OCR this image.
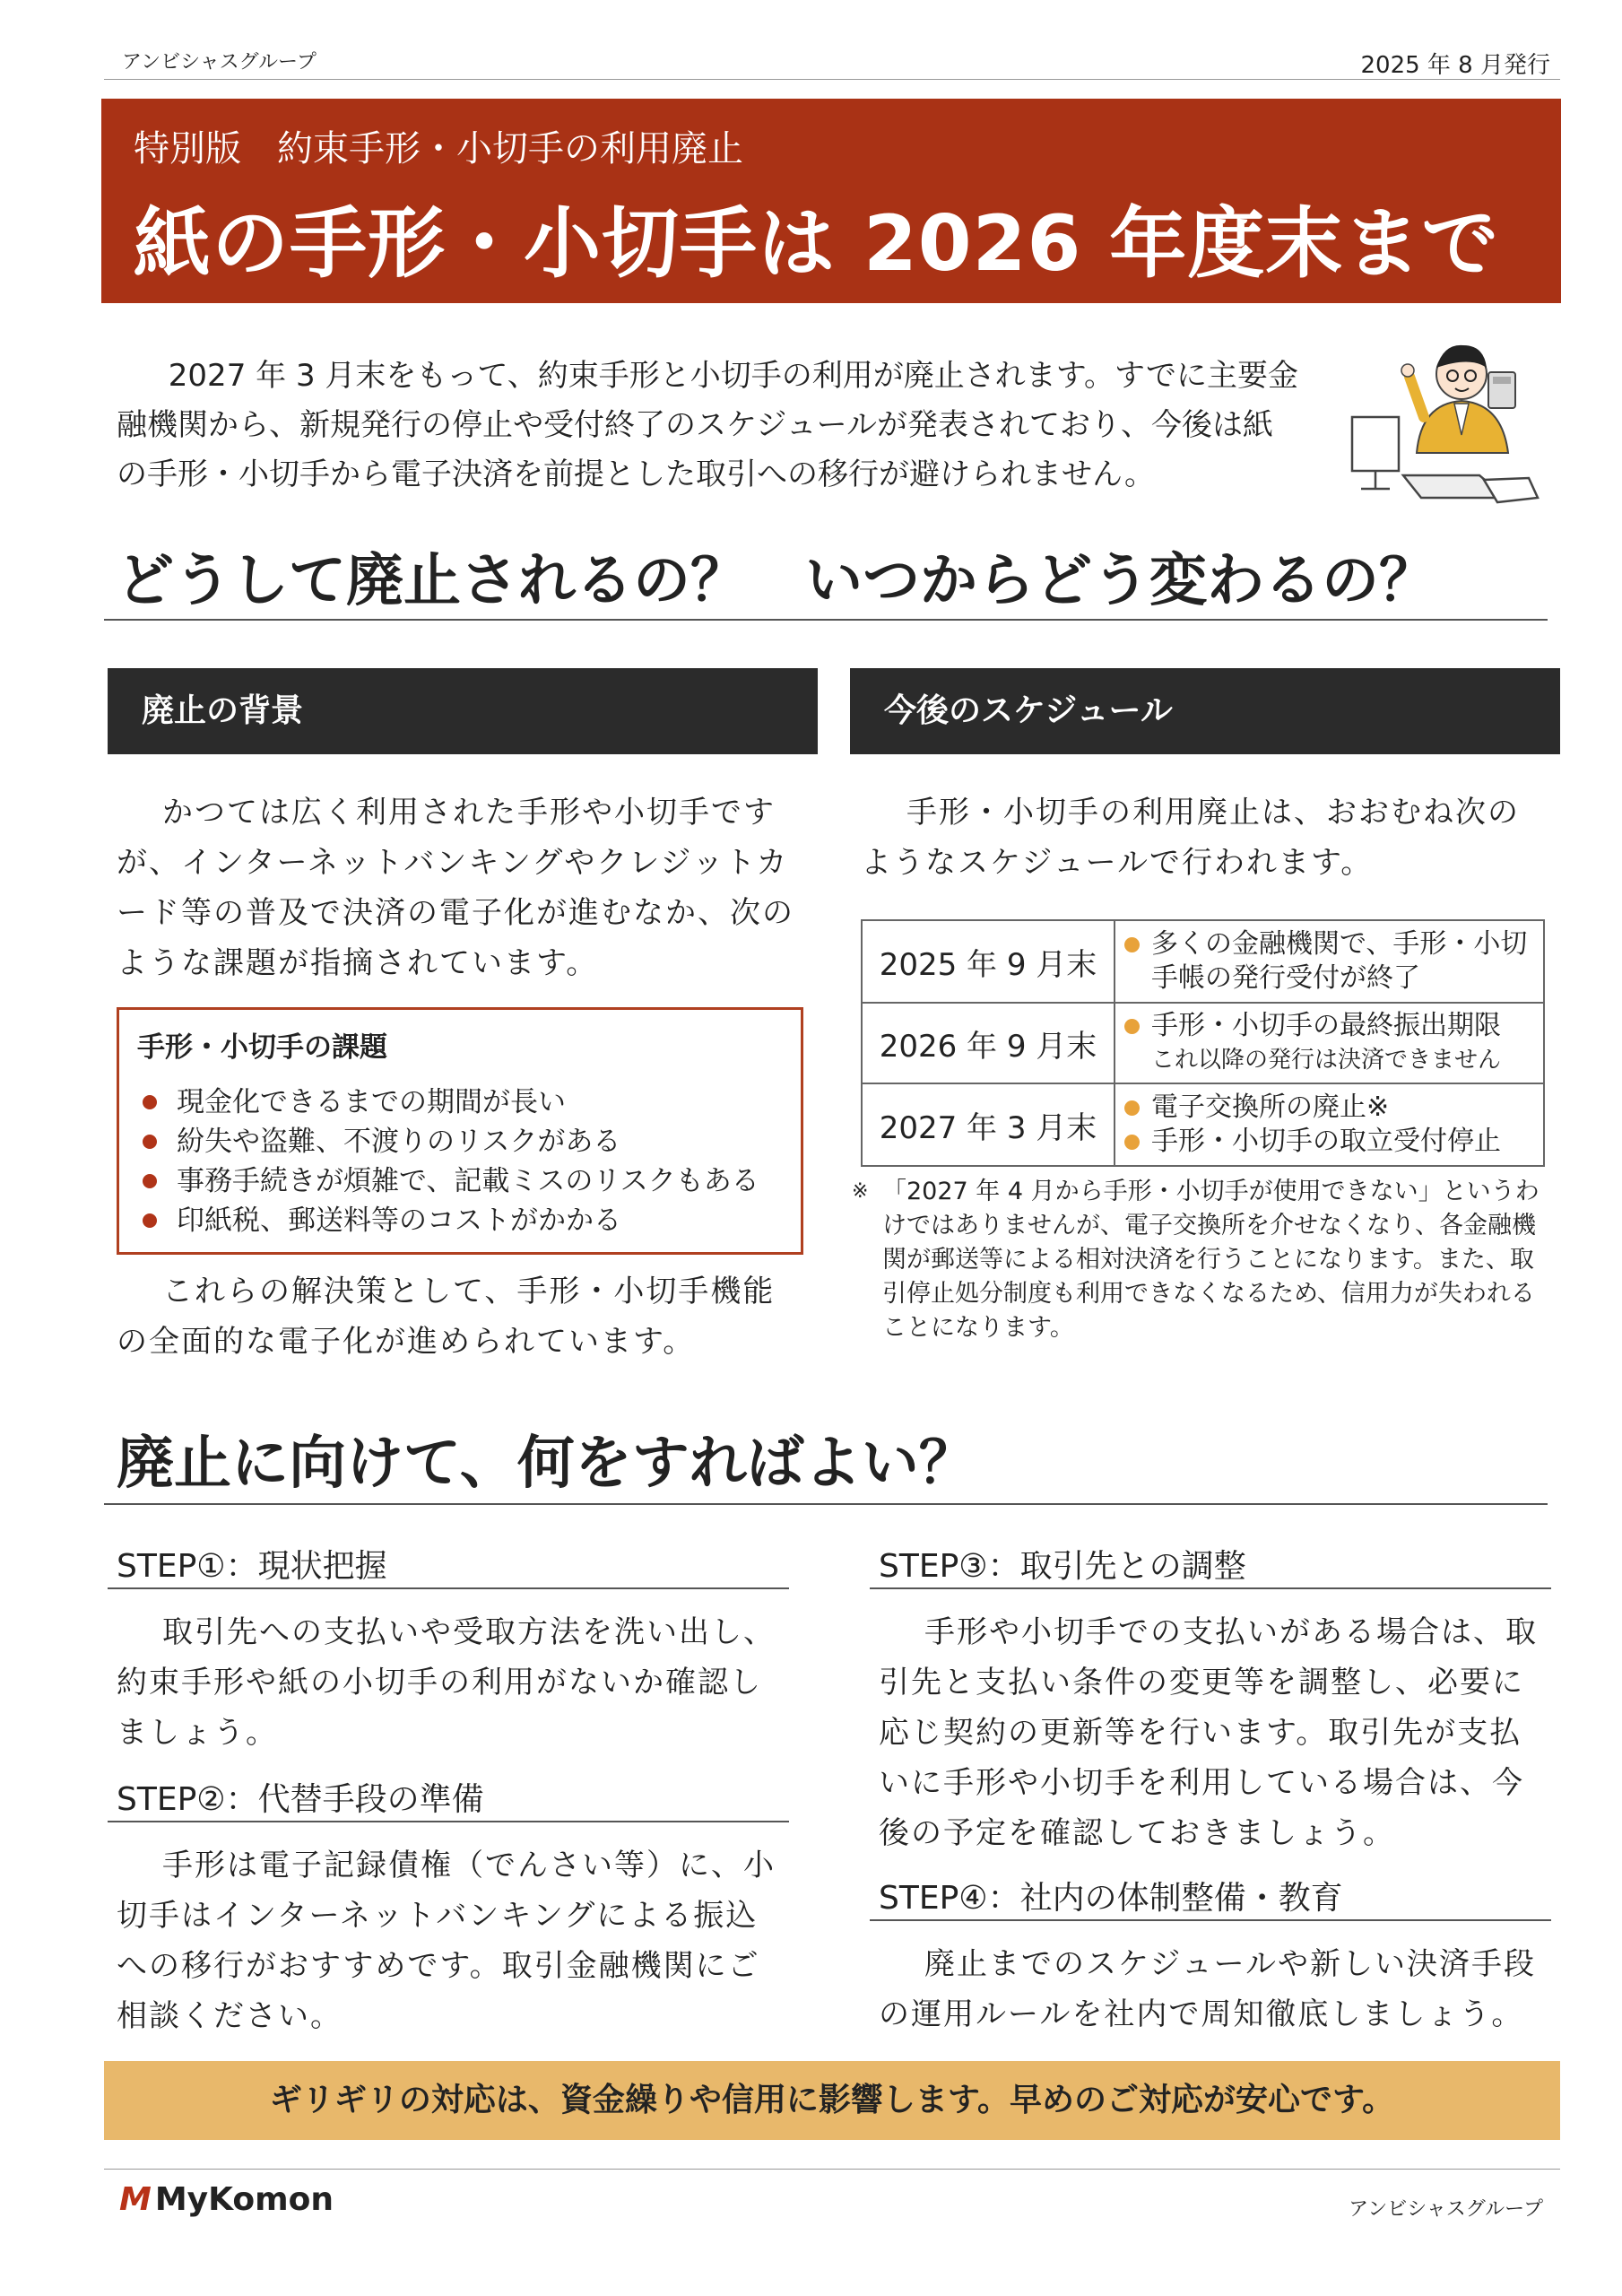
アンビシャスグループ	2025 年 8 月発行
特別版　約束手形・小切手の利用廃止
紙の手形・小切手は 2026 年度末まで
2027 年 3 月末をもって、約束手形と小切手の利用が廃止されます。すでに主要金融機関から、新規発行の停止や受付終了のスケジュールが発表されており、今後は紙の手形・小切手から電子決済を前提とした取引への移行が避けられません。
どうして廃止されるの？　いつからどう変わるの？
廃止の背景
かつては広く利用された手形や小切手ですが、インターネットバンキングやクレジットカード等の普及で決済の電子化が進むなか、次のような課題が指摘されています。
手形・小切手の課題
現金化できるまでの期間が長い
紛失や盗難、不渡りのリスクがある
事務手続きが煩雑で、記載ミスのリスクもある
印紙税、郵送料等のコストがかかる
これらの解決策として、手形・小切手機能の全面的な電子化が進められています。
今後のスケジュール
手形・小切手の利用廃止は、おおむね次のようなスケジュールで行われます。
2025 年 9 月末	多くの金融機関で、手形・小切手帳の発行受付が終了

2026 年 9 月末	手形・小切手の最終振出期限
これ以降の発行は決済できません

2027 年 3 月末	電子交換所の廃止※
手形・小切手の取立受付停止
※ 「2027 年 4 月から手形・小切手が使用できない」というわけではありませんが、電子交換所を介せなくなり、各金融機関が郵送等による相対決済を行うことになります。また、取引停止処分制度も利用できなくなるため、信用力が失われることになります。
廃止に向けて、何をすればよい？
STEP①：現状把握
取引先への支払いや受取方法を洗い出し、約束手形や紙の小切手の利用がないか確認しましょう。
STEP②：代替手段の準備
手形は電子記録債権（でんさい等）に、小切手はインターネットバンキングによる振込への移行がおすすめです。取引金融機関にご相談ください。
STEP③：取引先との調整
手形や小切手での支払いがある場合は、取引先と支払い条件の変更等を調整し、必要に応じ契約の更新等を行います。取引先が支払いに手形や小切手を利用している場合は、今後の予定を確認しておきましょう。
STEP④：社内の体制整備・教育
廃止までのスケジュールや新しい決済手段の運用ルールを社内で周知徹底しましょう。
ギリギリの対応は、資金繰りや信用に影響します。早めのご対応が安心です。
M MyKomon	アンビシャスグループ
